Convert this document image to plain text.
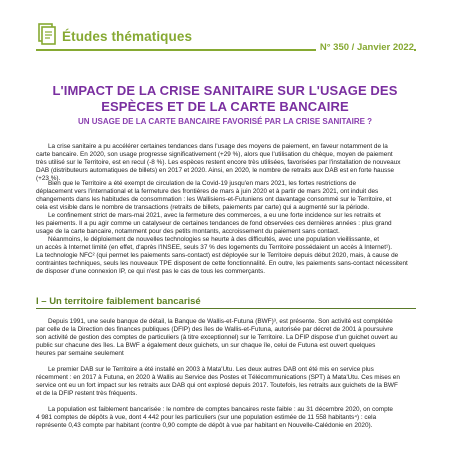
Études thématiques
N° 350 / Janvier 2022
L'IMPACT DE LA CRISE SANITAIRE SUR L'USAGE DES
ESPÈCES ET DE LA CARTE BANCAIRE
UN USAGE DE LA CARTE BANCAIRE FAVORISÉ PAR LA CRISE SANITAIRE ?
La crise sanitaire a pu accélérer certaines tendances dans l'usage des moyens de paiement, en faveur notamment de la
carte bancaire. En 2020, son usage progresse significativement (+29 %), alors que l'utilisation du chèque, moyen de paiement
très utilisé sur le Territoire, est en recul (-8 %). Les espèces restent encore très utilisées, favorisées par l'installation de nouveaux
DAB (distributeurs automatiques de billets) en 2017 et 2020. Ainsi, en 2020, le nombre de retraits aux DAB est en forte hausse
(+23 %).
Bien que le Territoire a été exempt de circulation de la Covid-19 jusqu'en mars 2021, les fortes restrictions de
déplacement vers l'international et la fermeture des frontières de mars à juin 2020 et à partir de mars 2021, ont induit des
changements dans les habitudes de consommation : les Wallisiens-et-Futuniens ont davantage consommé sur le Territoire, et
cela est visible dans le nombre de transactions (retraits de billets, paiements par carte) qui a augmenté sur la période.
Le confinement strict de mars-mai 2021, avec la fermeture des commerces, a eu une forte incidence sur les retraits et
les paiements. Il a pu agir comme un catalyseur de certaines tendances de fond observées ces dernières années : plus grand
usage de la carte bancaire, notamment pour des petits montants, accroissement du paiement sans contact.
Néanmoins, le déploiement de nouvelles technologies se heurte à des difficultés, avec une population vieillissante, et
un accès à Internet limité (en effet, d'après l'INSEE, seuls 37 % des logements du Territoire possédaient un accès à Internet¹).
La technologie NFC² (qui permet les paiements sans-contact) est déployée sur le Territoire depuis début 2020, mais, à cause de
contraintes techniques, seuls les nouveaux TPE disposent de cette fonctionnalité. En outre, les paiements sans-contact nécessitent
de disposer d'une connexion IP, ce qui n'est pas le cas de tous les commerçants.
I – Un territoire faiblement bancarisé
Depuis 1991, une seule banque de détail, la Banque de Wallis-et-Futuna (BWF)³, est présente. Son activité est complétée
par celle de la Direction des finances publiques (DFIP) des îles de Wallis-et-Futuna, autorisée par décret de 2001 à poursuivre
son activité de gestion des comptes de particuliers (à titre exceptionnel) sur le Territoire. La DFIP dispose d'un guichet ouvert au
public sur chacune des îles. La BWF a également deux guichets, un sur chaque île, celui de Futuna est ouvert quelques
heures par semaine seulement
Le premier DAB sur le Territoire a été installé en 2003 à Mata'Utu. Les deux autres DAB ont été mis en service plus
récemment : en 2017 à Futuna, en 2020 à Wallis au Service des Postes et Télécommunications (SPT) à Mata'Utu. Ces mises en
service ont eu un fort impact sur les retraits aux DAB qui ont explosé depuis 2017. Toutefois, les retraits aux guichets de la BWF
et de la DFIP restent très fréquents.
La population est faiblement bancarisée : le nombre de comptes bancaires reste faible : au 31 décembre 2020, on compte
4 981 comptes de dépôts à vue, dont 4 442 pour les particuliers (sur une population estimée de 11 558 habitants⁴) : cela
représente 0,43 compte par habitant (contre 0,90 compte de dépôt à vue par habitant en Nouvelle-Calédonie en 2020).
